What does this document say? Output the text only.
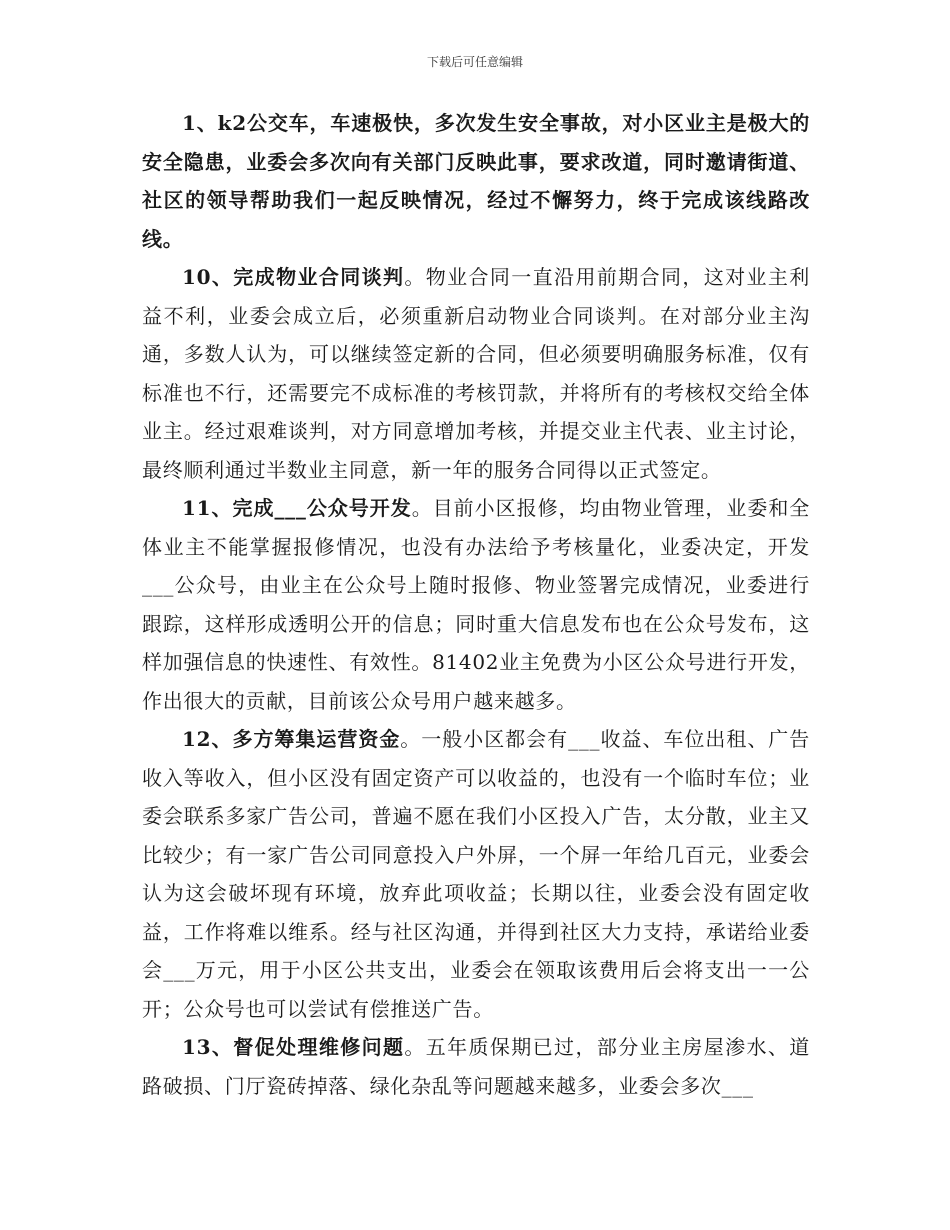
下载后可任意编辑

1、k2公交车，车速极快，多次发生安全事故，对小区业主是极大的安全隐患，业委会多次向有关部门反映此事，要求改道，同时邀请街道、社区的领导帮助我们一起反映情况，经过不懈努力，终于完成该线路改线。

10、完成物业合同谈判。物业合同一直沿用前期合同，这对业主利益不利，业委会成立后，必须重新启动物业合同谈判。在对部分业主沟通，多数人认为，可以继续签定新的合同，但必须要明确服务标准，仅有标准也不行，还需要完不成标准的考核罚款，并将所有的考核权交给全体业主。经过艰难谈判，对方同意增加考核，并提交业主代表、业主讨论，最终顺利通过半数业主同意，新一年的服务合同得以正式签定。

11、完成___公众号开发。目前小区报修，均由物业管理，业委和全体业主不能掌握报修情况，也没有办法给予考核量化，业委决定，开发___公众号，由业主在公众号上随时报修、物业签署完成情况，业委进行跟踪，这样形成透明公开的信息；同时重大信息发布也在公众号发布，这样加强信息的快速性、有效性。81402业主免费为小区公众号进行开发，作出很大的贡献，目前该公众号用户越来越多。

12、多方筹集运营资金。一般小区都会有___收益、车位出租、广告收入等收入，但小区没有固定资产可以收益的，也没有一个临时车位；业委会联系多家广告公司，普遍不愿在我们小区投入广告，太分散，业主又比较少；有一家广告公司同意投入户外屏，一个屏一年给几百元，业委会认为这会破坏现有环境，放弃此项收益；长期以往，业委会没有固定收益，工作将难以维系。经与社区沟通，并得到社区大力支持，承诺给业委会___万元，用于小区公共支出，业委会在领取该费用后会将支出一一公开；公众号也可以尝试有偿推送广告。

13、督促处理维修问题。五年质保期已过，部分业主房屋渗水、道路破损、门厅瓷砖掉落、绿化杂乱等问题越来越多，业委会多次___
